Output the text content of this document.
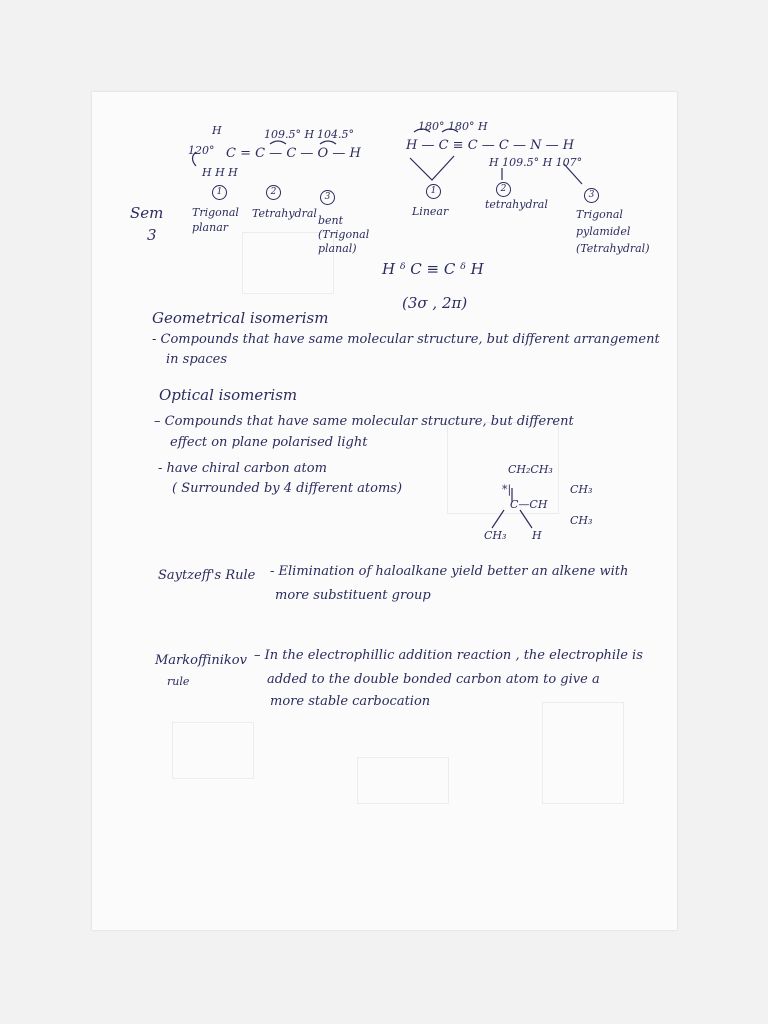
Sem
3
H
120°
109.5° H 104.5°
C = C — C — O — H
H H H
1	2	3
Trigonal
planar
Tetrahydral
bent
(Trigonal
planal)
180° 180° H
H — C ≡ C — C — N — H
H 109.5° H 107°
1	2
3
Linear
tetrahydral
Trigonal
pylamidel
(Tetrahydral)
H ᵟ C ≡ C ᵟ H
(3σ , 2π)
Geometrical isomerism
- Compounds that have same molecular structure, but different arrangement
in spaces
Optical isomerism
– Compounds that have same molecular structure, but different
effect on plane polarised light
- have chiral carbon atom
( Surrounded by 4 different atoms)
CH₂CH₃
*|
C—CH
CH₃
CH₃
CH₃ H
Saytzeff's Rule - Elimination of haloalkane yield better an alkene with
more substituent group
Markoffinikov
rule
– In the electrophillic addition reaction , the electrophile is
added to the double bonded carbon atom to give a
more stable carbocation
